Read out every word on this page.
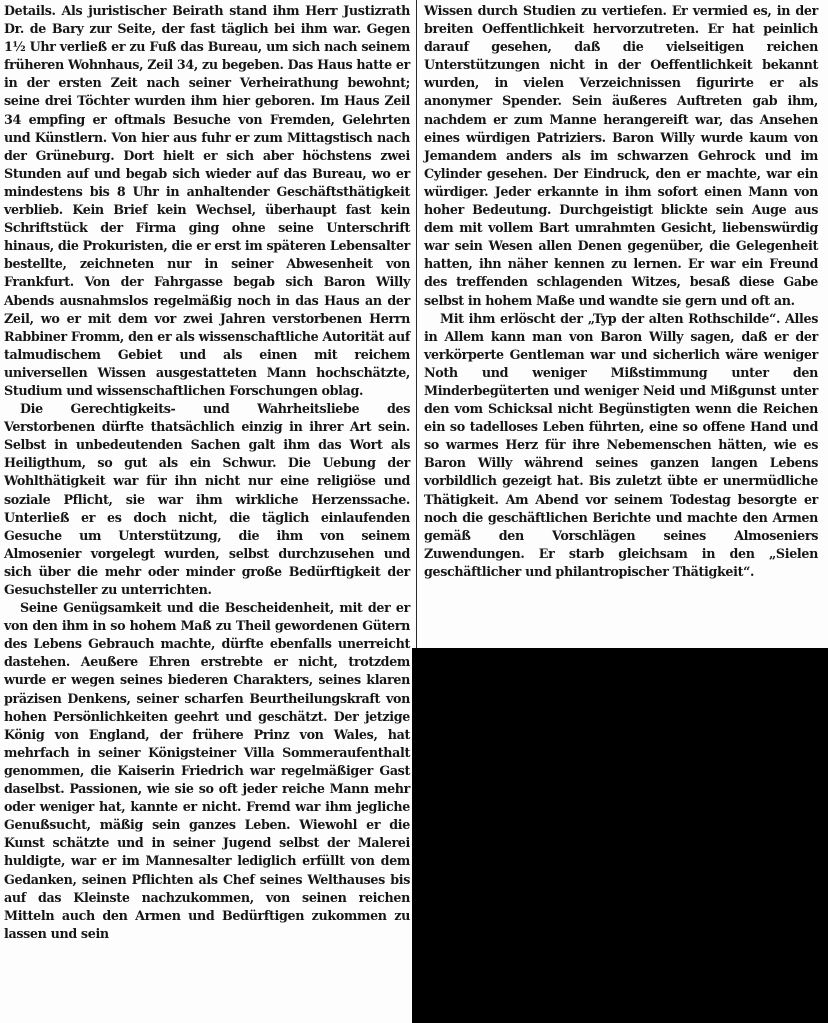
Details. Als juristischer Beirath stand ihm Herr Justizrath Dr. de Bary zur Seite, der fast täglich bei ihm war. Gegen 1½ Uhr verließ er zu Fuß das Bureau, um sich nach seinem früheren Wohnhaus, Zeil 34, zu begeben. Das Haus hatte er in der ersten Zeit nach seiner Verheirathung bewohnt; seine drei Töchter wurden ihm hier geboren. Im Haus Zeil 34 empfing er oftmals Besuche von Fremden, Gelehrten und Künstlern. Von hier aus fuhr er zum Mittagstisch nach der Grüneburg. Dort hielt er sich aber höchstens zwei Stunden auf und begab sich wieder auf das Bureau, wo er mindestens bis 8 Uhr in anhaltender Geschäftsthätigkeit verblieb. Kein Brief kein Wechsel, überhaupt fast kein Schriftstück der Firma ging ohne seine Unterschrift hinaus, die Prokuristen, die er erst im späteren Lebensalter bestellte, zeichneten nur in seiner Abwesenheit von Frankfurt. Von der Fahrgasse begab sich Baron Willy Abends ausnahmslos regelmäßig noch in das Haus an der Zeil, wo er mit dem vor zwei Jahren verstorbenen Herrn Rabbiner Fromm, den er als wissenschaftliche Autorität auf talmudischem Gebiet und als einen mit reichem universellen Wissen ausgestatteten Mann hochschätzte, Studium und wissenschaftlichen Forschungen oblag.

Die Gerechtigkeits- und Wahrheitsliebe des Verstorbenen dürfte thatsächlich einzig in ihrer Art sein. Selbst in unbedeutenden Sachen galt ihm das Wort als Heiligthum, so gut als ein Schwur. Die Uebung der Wohlthätigkeit war für ihn nicht nur eine religiöse und soziale Pflicht, sie war ihm wirkliche Herzenssache. Unterließ er es doch nicht, die täglich einlaufenden Gesuche um Unterstützung, die ihm von seinem Almosenier vorgelegt wurden, selbst durchzusehen und sich über die mehr oder minder große Bedürftigkeit der Gesuchsteller zu unterrichten.

Seine Genügsamkeit und die Bescheidenheit, mit der er von den ihm in so hohem Maß zu Theil gewordenen Gütern des Lebens Gebrauch machte, dürfte ebenfalls unerreicht dastehen. Aeußere Ehren erstrebte er nicht, trotzdem wurde er wegen seines biederen Charakters, seines klaren präzisen Denkens, seiner scharfen Beurtheilungskraft von hohen Persönlichkeiten geehrt und geschätzt. Der jetzige König von England, der frühere Prinz von Wales, hat mehrfach in seiner Königsteiner Villa Sommeraufenthalt genommen, die Kaiserin Friedrich war regelmäßiger Gast daselbst. Passionen, wie sie so oft jeder reiche Mann mehr oder weniger hat, kannte er nicht. Fremd war ihm jegliche Genußsucht, mäßig sein ganzes Leben. Wiewohl er die Kunst schätzte und in seiner Jugend selbst der Malerei huldigte, war er im Mannesalter lediglich erfüllt von dem Gedanken, seinen Pflichten als Chef seines Welthauses bis auf das Kleinste nachzukommen, von seinen reichen Mitteln auch den Armen und Bedürftigen zukommen zu lassen und sein

Wissen durch Studien zu vertiefen. Er vermied es, in der breiten Oeffentlichkeit hervorzutreten. Er hat peinlich darauf gesehen, daß die vielseitigen reichen Unterstützungen nicht in der Oeffentlichkeit bekannt wurden, in vielen Verzeichnissen figurirte er als anonymer Spender. Sein äußeres Auftreten gab ihm, nachdem er zum Manne herangereift war, das Ansehen eines würdigen Patriziers. Baron Willy wurde kaum von Jemandem anders als im schwarzen Gehrock und im Cylinder gesehen. Der Eindruck, den er machte, war ein würdiger. Jeder erkannte in ihm sofort einen Mann von hoher Bedeutung. Durchgeistigt blickte sein Auge aus dem mit vollem Bart umrahmten Gesicht, liebenswürdig war sein Wesen allen Denen gegenüber, die Gelegenheit hatten, ihn näher kennen zu lernen. Er war ein Freund des treffenden schlagenden Witzes, besaß diese Gabe selbst in hohem Maße und wandte sie gern und oft an.

Mit ihm erlöscht der „Typ der alten Rothschilde“. Alles in Allem kann man von Baron Willy sagen, daß er der verkörperte Gentleman war und sicherlich wäre weniger Noth und weniger Mißstimmung unter den Minderbegüterten und weniger Neid und Mißgunst unter den vom Schicksal nicht Begünstigten wenn die Reichen ein so tadelloses Leben führten, eine so offene Hand und so warmes Herz für ihre Nebemenschen hätten, wie es Baron Willy während seines ganzen langen Lebens vorbildlich gezeigt hat. Bis zuletzt übte er unermüdliche Thätigkeit. Am Abend vor seinem Todestag besorgte er noch die geschäftlichen Berichte und machte den Armen gemäß den Vorschlägen seines Almoseniers Zuwendungen. Er starb gleichsam in den „Sielen geschäftlicher und philantropischer Thätigkeit“.
